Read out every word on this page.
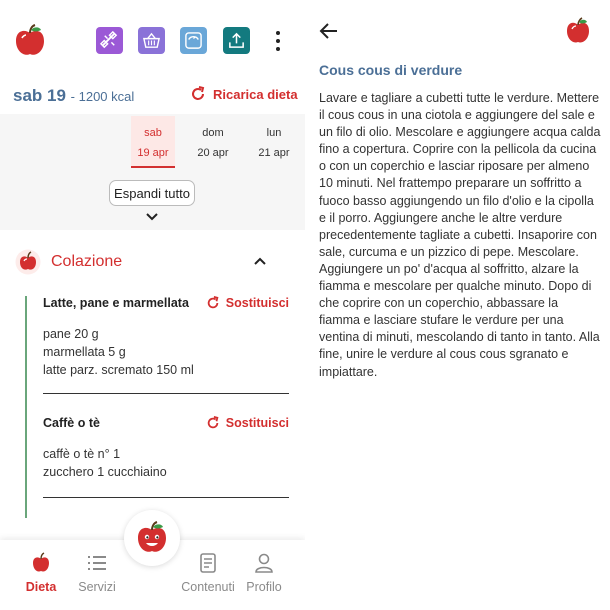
sab 19 - 1200 kcal	Ricarica dieta
sab
19 apr
dom
20 apr
lun
21 apr
Espandi tutto
Colazione
Latte, pane e marmellata	Sostituisci
pane 20 g
marmellata 5 g
latte parz. scremato 150 ml
Caffè o tè	Sostituisci
caffè o tè n° 1
zucchero 1 cucchiaino
Dieta	Servizi	Contenuti Profilo
Cous cous di verdure
Lavare e tagliare a cubetti tutte le verdure. Mettere il cous cous in una ciotola e aggiungere del sale e un filo di olio. Mescolare e aggiungere acqua calda fino a copertura. Coprire con la pellicola da cucina o con un coperchio e lasciar riposare per almeno 10 minuti. Nel frattempo preparare un soffritto a fuoco basso aggiungendo un filo d'olio e la cipolla e il porro. Aggiungere anche le altre verdure precedentemente tagliate a cubetti. Insaporire con sale, curcuma e un pizzico di pepe. Mescolare. Aggiungere un po' d'acqua al soffritto, alzare la fiamma e mescolare per qualche minuto. Dopo di che coprire con un coperchio, abbassare la fiamma e lasciare stufare le verdure per una ventina di minuti, mescolando di tanto in tanto. Alla fine, unire le verdure al cous cous sgranato e impiattare.
